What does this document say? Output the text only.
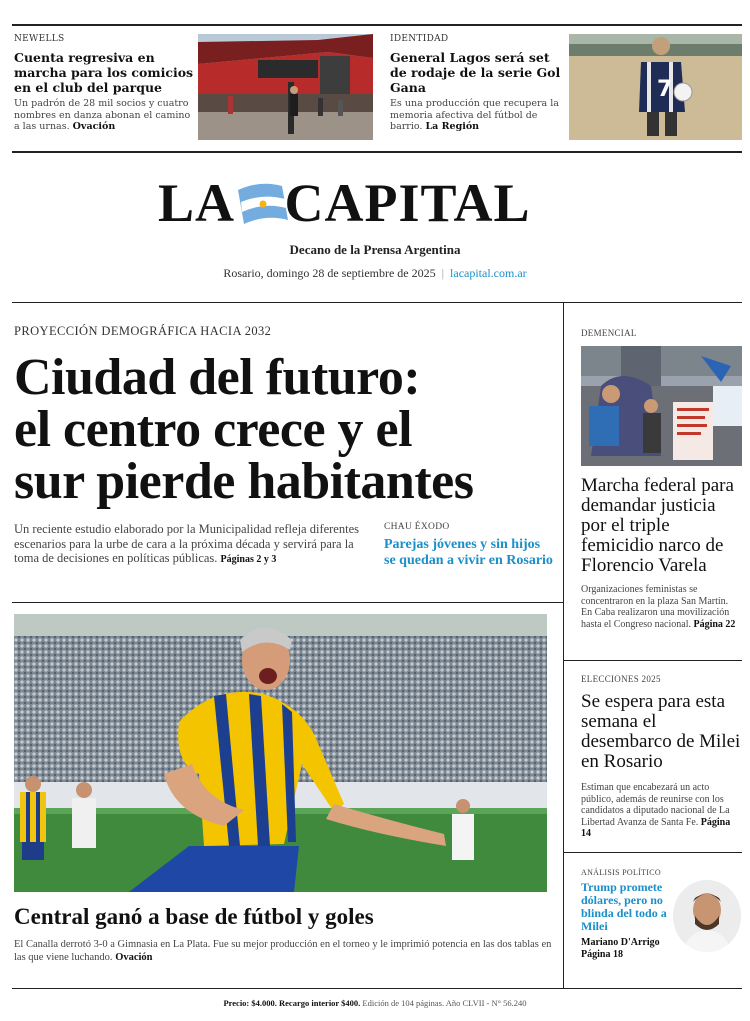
NEWELLS
Cuenta regresiva en marcha para los comicios en el club del parque
Un padrón de 28 mil socios y cuatro nombres en danza abonan el camino a las urnas. Ovación
IDENTIDAD
General Lagos será set de rodaje de la serie Gol Gana
Es una producción que recupera la memoria afectiva del fútbol de barrio. La Región
7
LA CAPITAL
Decano de la Prensa Argentina
Rosario, domingo 28 de septiembre de 2025 | lacapital.com.ar
PROYECCIÓN DEMOGRÁFICA HACIA 2032
Ciudad del futuro:
el centro crece y el
sur pierde habitantes
Un reciente estudio elaborado por la Municipalidad refleja diferentes escenarios para la urbe de cara a la próxima década y servirá para la toma de decisiones en políticas públicas. Páginas 2 y 3
CHAU ÉXODO
Parejas jóvenes y sin hijos se quedan a vivir en Rosario
Central ganó a base de fútbol y goles
El Canalla derrotó 3-0 a Gimnasia en La Plata. Fue su mejor producción en el torneo y le imprimió potencia en las dos tablas en las que viene luchando. Ovación
DEMENCIAL
Marcha federal para demandar justicia por el triple femicidio narco de Florencio Varela
Organizaciones feministas se concentraron en la plaza San Martín. En Caba realizaron una movilización hasta el Congreso nacional. Página 22
ELECCIONES 2025
Se espera para esta semana el desembarco de Milei en Rosario
Estiman que encabezará un acto público, además de reunirse con los candidatos a diputado nacional de La Libertad Avanza de Santa Fe. Página 14
ANÁLISIS POLÍTICO
Trump promete dólares, pero no blinda del todo a Milei
Mariano D'Arrigo
Página 18
Precio: $4.000. Recargo interior $400. Edición de 104 páginas. Año CLVII - N° 56.240
